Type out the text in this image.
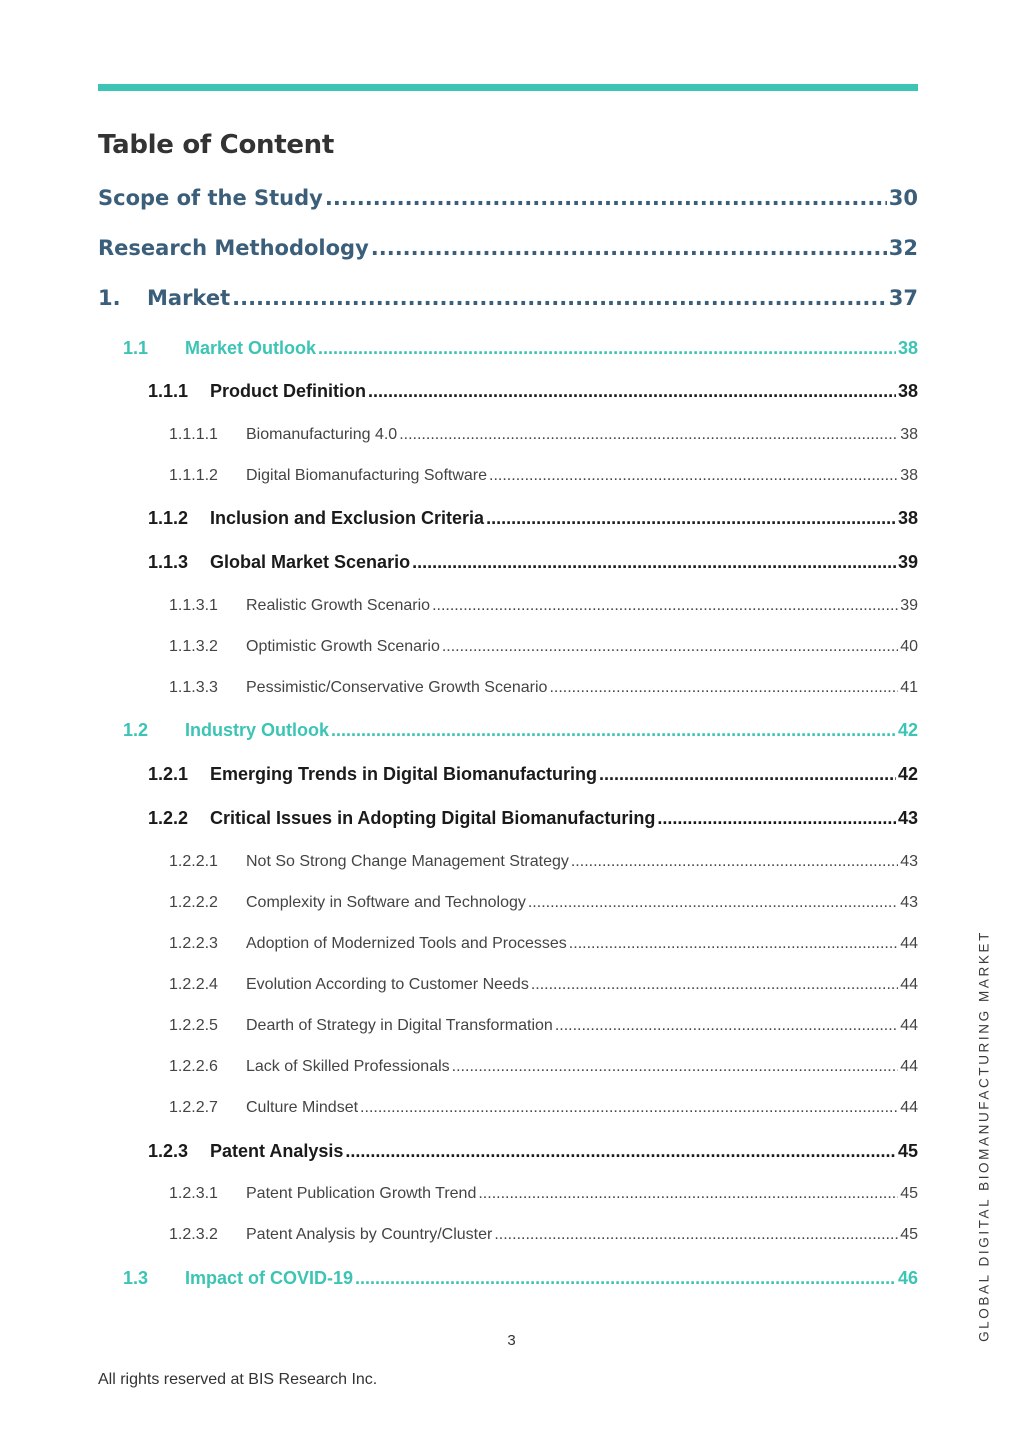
Table of Content
Scope of the Study .....	30
Research Methodology .....	32
1.	Market .....	37
1.1	Market Outlook .....	38
1.1.1	Product Definition .....	38
1.1.1.1	Biomanufacturing 4.0 .....	38
1.1.1.2	Digital Biomanufacturing Software .....	38
1.1.2	Inclusion and Exclusion Criteria .....	38
1.1.3	Global Market Scenario .....	39
1.1.3.1	Realistic Growth Scenario .....	39
1.1.3.2	Optimistic Growth Scenario .....	40
1.1.3.3	Pessimistic/Conservative Growth Scenario .....	41
1.2	Industry Outlook .....	42
1.2.1	Emerging Trends in Digital Biomanufacturing .....	42
1.2.2	Critical Issues in Adopting Digital Biomanufacturing .....	43
1.2.2.1	Not So Strong Change Management Strategy .....	43
1.2.2.2	Complexity in Software and Technology .....	43
1.2.2.3	Adoption of Modernized Tools and Processes .....	44
1.2.2.4	Evolution According to Customer Needs .....	44
1.2.2.5	Dearth of Strategy in Digital Transformation .....	44
1.2.2.6	Lack of Skilled Professionals .....	44
1.2.2.7	Culture Mindset .....	44
1.2.3	Patent Analysis .....	45
1.2.3.1	Patent Publication Growth Trend .....	45
1.2.3.2	Patent Analysis by Country/Cluster .....	45
1.3	Impact of COVID-19 .....	46	GLOBAL DIGITAL BIOMANUFACTURING MARKET
3
All rights reserved at BIS Research Inc.
